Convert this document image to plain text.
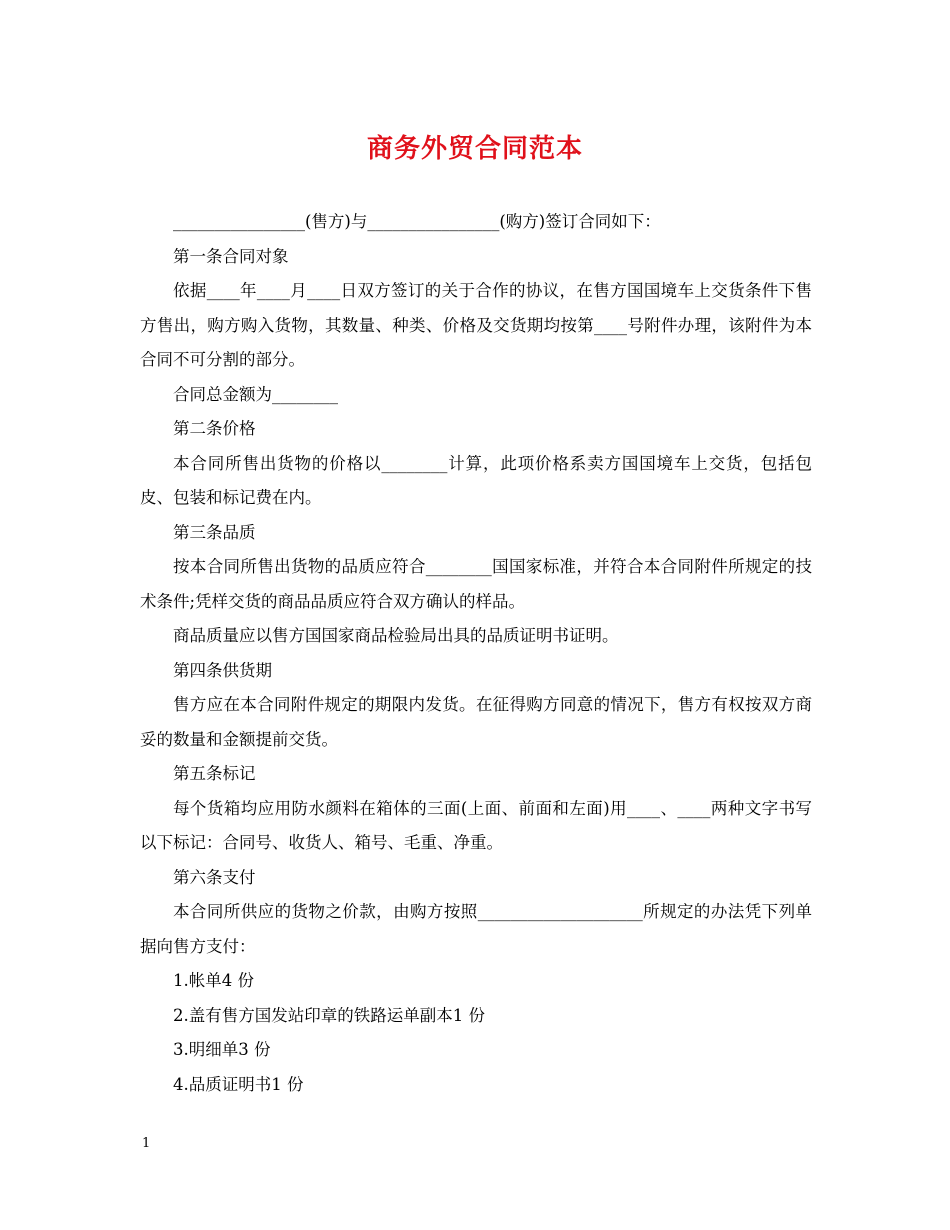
商务外贸合同范本

________________(售方)与________________(购方)签订合同如下：

第一条合同对象

依据____年____月____日双方签订的关于合作的协议，在售方国国境车上交货条件下售方售出，购方购入货物，其数量、种类、价格及交货期均按第____号附件办理，该附件为本合同不可分割的部分。

合同总金额为________

第二条价格

本合同所售出货物的价格以________计算，此项价格系卖方国国境车上交货，包括包皮、包装和标记费在内。

第三条品质

按本合同所售出货物的品质应符合________国国家标准，并符合本合同附件所规定的技术条件;凭样交货的商品品质应符合双方确认的样品。

商品质量应以售方国国家商品检验局出具的品质证明书证明。

第四条供货期

售方应在本合同附件规定的期限内发货。在征得购方同意的情况下，售方有权按双方商妥的数量和金额提前交货。

第五条标记

每个货箱均应用防水颜料在箱体的三面(上面、前面和左面)用____、____两种文字书写以下标记：合同号、收货人、箱号、毛重、净重。

第六条支付

本合同所供应的货物之价款，由购方按照____________________所规定的办法凭下列单据向售方支付：

1.帐单4 份

2.盖有售方国发站印章的铁路运单副本1 份

3.明细单3 份

4.品质证明书1 份

1
